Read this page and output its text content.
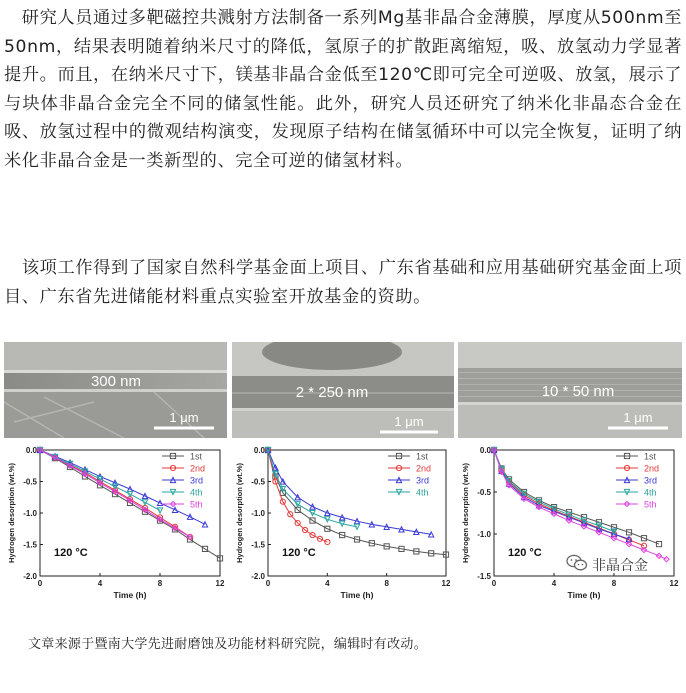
　研究人员通过多靶磁控共溅射方法制备一系列Mg基非晶合金薄膜，厚度从500nm至50nm，结果表明随着纳米尺寸的降低，氢原子的扩散距离缩短，吸、放氢动力学显著提升。而且，在纳米尺寸下，镁基非晶合金低至120℃即可完全可逆吸、放氢，展示了与块体非晶合金完全不同的储氢性能。此外，研究人员还研究了纳米化非晶态合金在吸、放氢过程中的微观结构演变，发现原子结构在储氢循环中可以完全恢复，证明了纳米化非晶合金是一类新型的、完全可逆的储氢材料。

　该项工作得到了国家自然科学基金面上项目、广东省基础和应用基础研究基金面上项目、广东省先进储能材料重点实验室开放基金的资助。

300 nm
1 μm
2 * 250 nm
1 μm
10 * 50 nm
1 μm
0.0
-0.5
-1.0
-1.5
-2.0
0	4	8	12
Time (h)
Hydrogen desorption (wt.%)	120 °C
1st
2nd
3rd
4th
5th
0.0
-0.5
-1.0
-1.5
-2.0
0	4	8	12
Time (h)
Hydrogen desorption (wt.%)	120 °C
1st
2nd
3rd
4th
0.0
-0.5
-1.0
-1.5
0	4	8	12
Time (h)
Hydrogen desorption (wt.%)	120 °C
1st
2nd
3rd
4th
5th
非晶合金
文章来源于暨南大学先进耐磨蚀及功能材料研究院，编辑时有改动。
